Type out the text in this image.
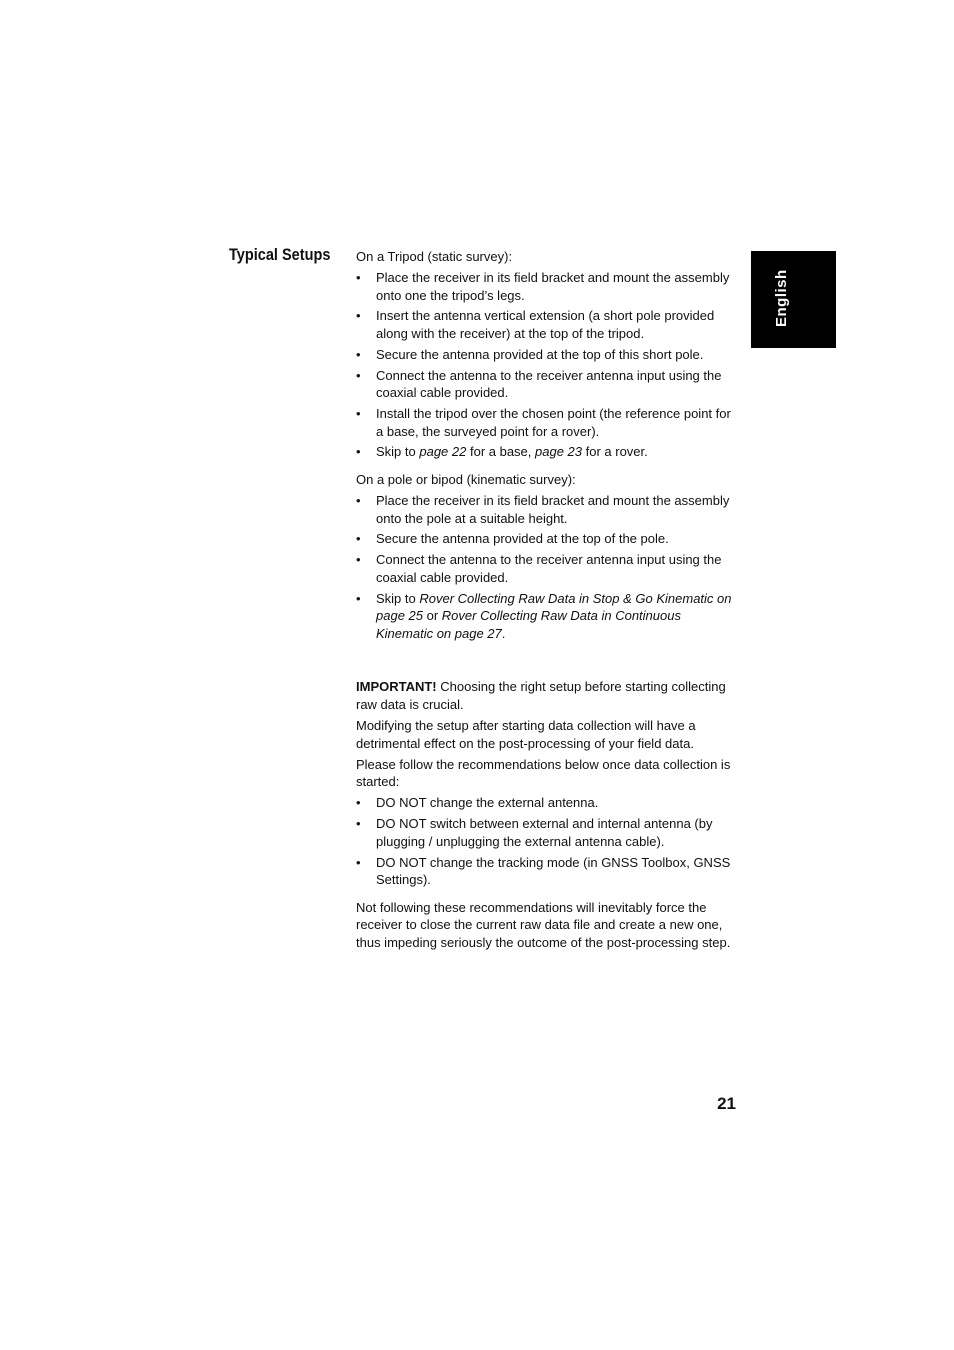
Typical Setups
English

On a Tripod (static survey):

• Place the receiver in its field bracket and mount the assembly onto one the tripod’s legs.
• Insert the antenna vertical extension (a short pole provided along with the receiver) at the top of the tripod.
• Secure the antenna provided at the top of this short pole.
• Connect the antenna to the receiver antenna input using the coaxial cable provided.
• Install the tripod over the chosen point (the reference point for a base, the surveyed point for a rover).
• Skip to page 22 for a base, page 23 for a rover.

On a pole or bipod (kinematic survey):

• Place the receiver in its field bracket and mount the assembly onto the pole at a suitable height.
• Secure the antenna provided at the top of the pole.
• Connect the antenna to the receiver antenna input using the coaxial cable provided.
• Skip to Rover Collecting Raw Data in Stop & Go Kinematic on page 25 or Rover Collecting Raw Data in Continuous Kinematic on page 27.

IMPORTANT! Choosing the right setup before starting collecting raw data is crucial.

Modifying the setup after starting data collection will have a detrimental effect on the post-processing of your field data.

Please follow the recommendations below once data collection is started:

• DO NOT change the external antenna.
• DO NOT switch between external and internal antenna (by plugging / unplugging the external antenna cable).
• DO NOT change the tracking mode (in GNSS Toolbox, GNSS Settings).

Not following these recommendations will inevitably force the receiver to close the current raw data file and create a new one, thus impeding seriously the outcome of the post-processing step.

21
